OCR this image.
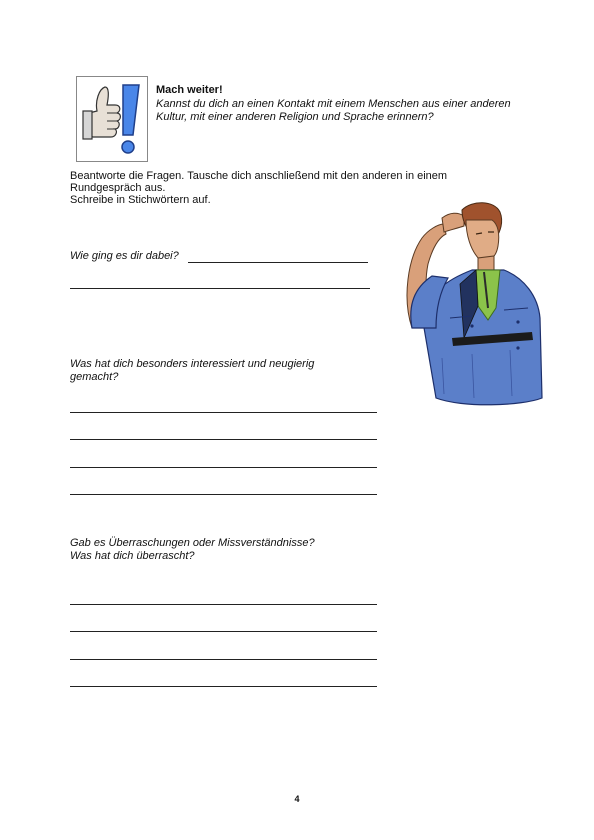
Mach weiter!
Kannst du dich an einen Kontakt mit einem Menschen aus einer anderen Kultur, mit einer anderen Religion und Sprache erinnern?
Beantworte die Fragen. Tausche dich anschließend mit den anderen in einem Rundgespräch aus.
Schreibe in Stichwörtern auf.
Wie ging es dir dabei?
Was hat dich besonders interessiert und neugierig gemacht?
Gab es Überraschungen oder Missverständnisse?
Was hat dich überrascht?
4
